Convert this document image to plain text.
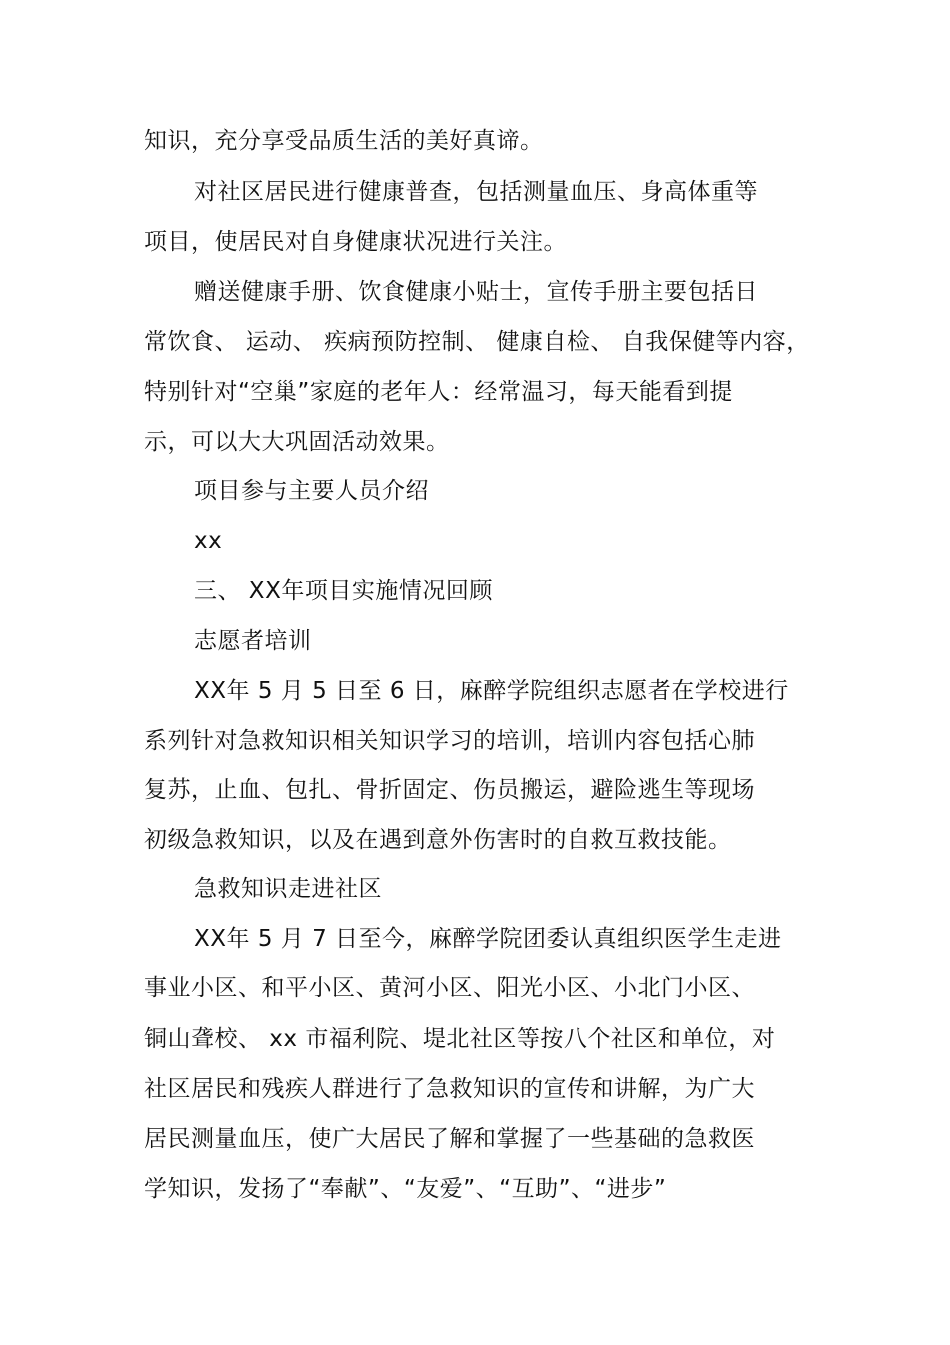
知识，充分享受品质生活的美好真谛。
对社区居民进行健康普查，包括测量血压、身高体重等
项目，使居民对自身健康状况进行关注。
赠送健康手册、饮食健康小贴士，宣传手册主要包括日
常饮食、 运动、 疾病预防控制、 健康自检、 自我保健等内容，
特别针对“空巢”家庭的老年人：经常温习，每天能看到提
示，可以大大巩固活动效果。
项目参与主要人员介绍
xx
三、 XX年项目实施情况回顾
志愿者培训
XX年 5 月 5 日至 6 日，麻醉学院组织志愿者在学校进行
系列针对急救知识相关知识学习的培训，培训内容包括心肺
复苏，止血、包扎、骨折固定、伤员搬运，避险逃生等现场
初级急救知识，以及在遇到意外伤害时的自救互救技能。
急救知识走进社区
XX年 5 月 7 日至今，麻醉学院团委认真组织医学生走进
事业小区、和平小区、黄河小区、阳光小区、小北门小区、
铜山聋校、 xx 市福利院、堤北社区等按八个社区和单位，对
社区居民和残疾人群进行了急救知识的宣传和讲解，为广大
居民测量血压，使广大居民了解和掌握了一些基础的急救医
学知识，发扬了“奉献”、“友爱”、“互助”、“进步”
